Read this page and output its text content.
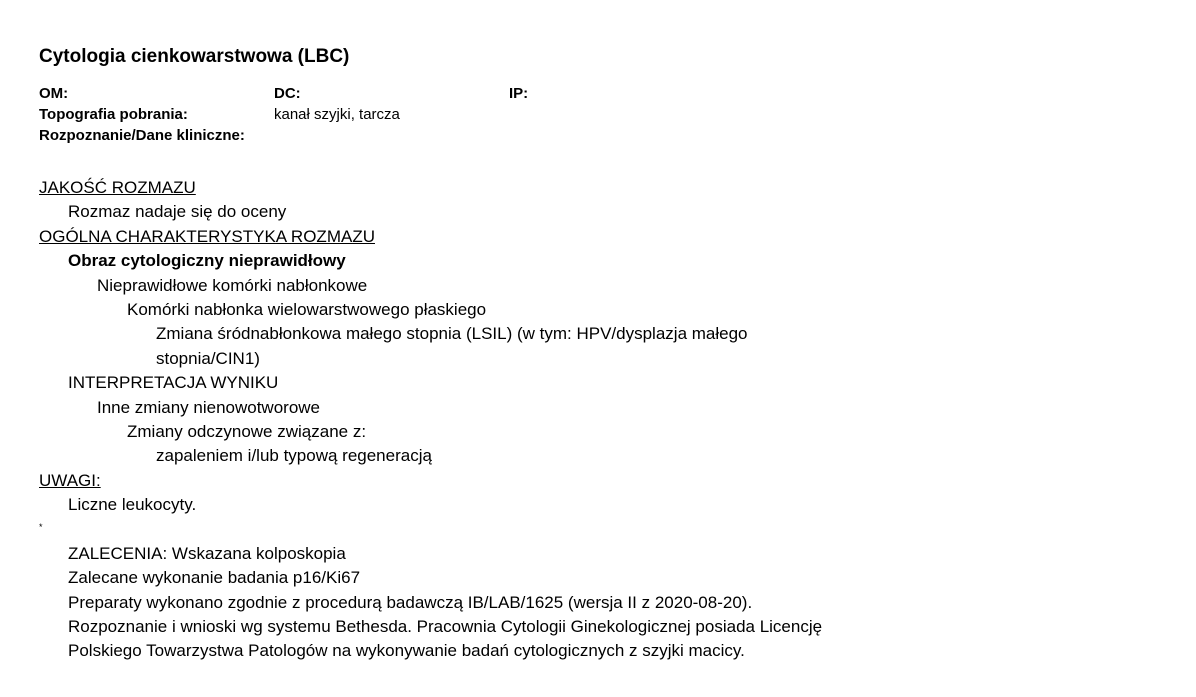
Cytologia cienkowarstwowa (LBC)
OM:	DC:	IP:
Topografia pobrania:	kanał szyjki, tarcza
Rozpoznanie/Dane kliniczne:
JAKOŚĆ ROZMAZU
Rozmaz nadaje się do oceny
OGÓLNA CHARAKTERYSTYKA ROZMAZU
Obraz cytologiczny nieprawidłowy
Nieprawidłowe komórki nabłonkowe
Komórki nabłonka wielowarstwowego płaskiego
Zmiana śródnabłonkowa małego stopnia (LSIL) (w tym: HPV/dysplazja małego
stopnia/CIN1)
INTERPRETACJA WYNIKU
Inne zmiany nienowotworowe
Zmiany odczynowe związane z:
zapaleniem i/lub typową regeneracją
UWAGI:
Liczne leukocyty.
*
ZALECENIA: Wskazana kolposkopia
Zalecane wykonanie badania p16/Ki67
Preparaty wykonano zgodnie z procedurą badawczą IB/LAB/1625 (wersja II z 2020-08-20).
Rozpoznanie i wnioski wg systemu Bethesda. Pracownia Cytologii Ginekologicznej posiada Licencję
Polskiego Towarzystwa Patologów na wykonywanie badań cytologicznych z szyjki macicy.
